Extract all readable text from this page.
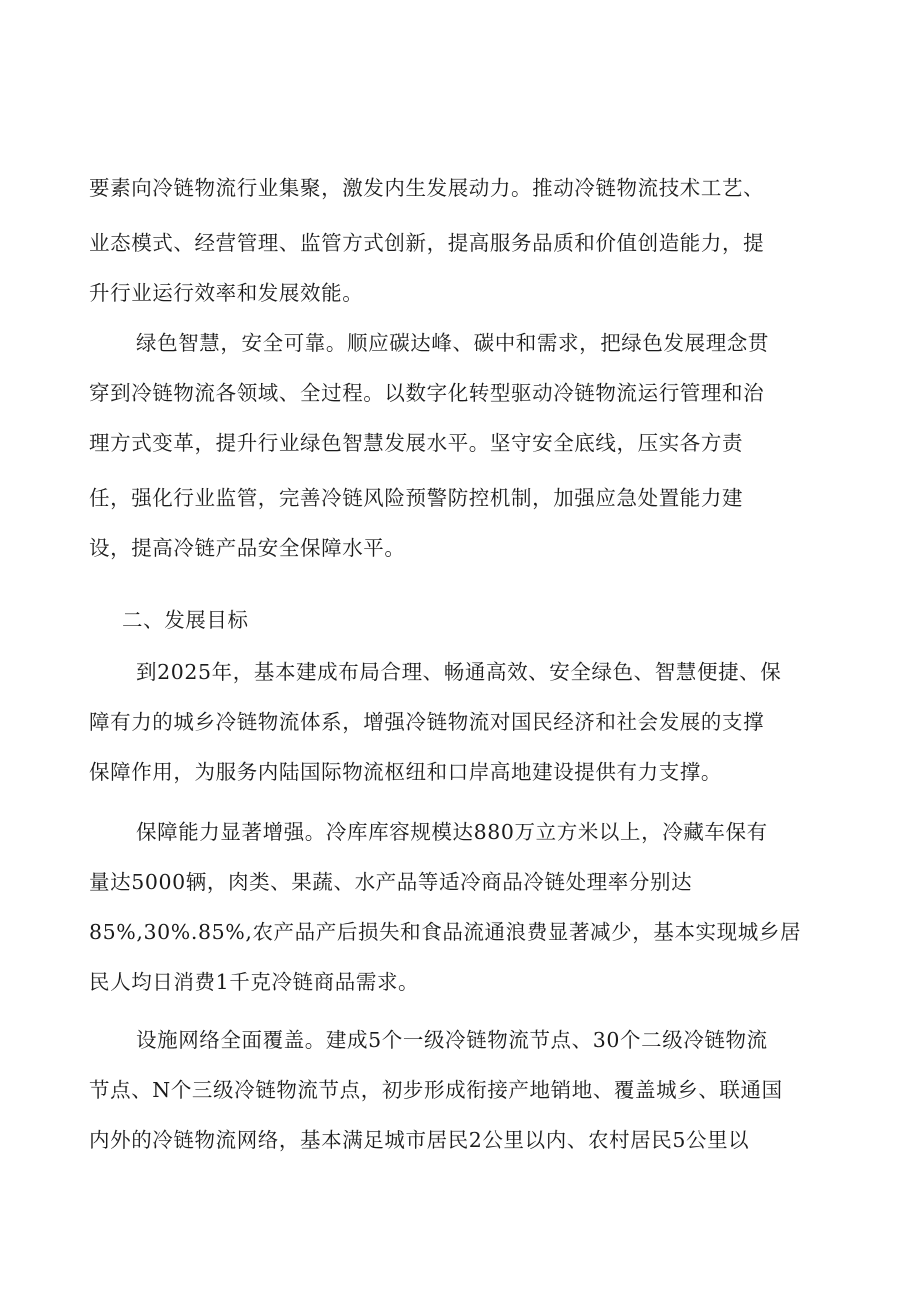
要素向冷链物流行业集聚，激发内生发展动力。推动冷链物流技术工艺、

业态模式、经营管理、监管方式创新，提高服务品质和价值创造能力，提

升行业运行效率和发展效能。

绿色智慧，安全可靠。顺应碳达峰、碳中和需求，把绿色发展理念贯

穿到冷链物流各领域、全过程。以数字化转型驱动冷链物流运行管理和治

理方式变革，提升行业绿色智慧发展水平。坚守安全底线，压实各方责

任，强化行业监管，完善冷链风险预警防控机制，加强应急处置能力建

设，提高冷链产品安全保障水平。

二、发展目标

到2025年，基本建成布局合理、畅通高效、安全绿色、智慧便捷、保

障有力的城乡冷链物流体系，增强冷链物流对国民经济和社会发展的支撑

保障作用，为服务内陆国际物流枢纽和口岸高地建设提供有力支撑。

保障能力显著增强。冷库库容规模达880万立方米以上，冷藏车保有

量达5000辆，肉类、果蔬、水产品等适冷商品冷链处理率分别达

85%,30%.85%,农产品产后损失和食品流通浪费显著减少，基本实现城乡居

民人均日消费1千克冷链商品需求。

设施网络全面覆盖。建成5个一级冷链物流节点、30个二级冷链物流

节点、N个三级冷链物流节点，初步形成衔接产地销地、覆盖城乡、联通国

内外的冷链物流网络，基本满足城市居民2公里以内、农村居民5公里以
